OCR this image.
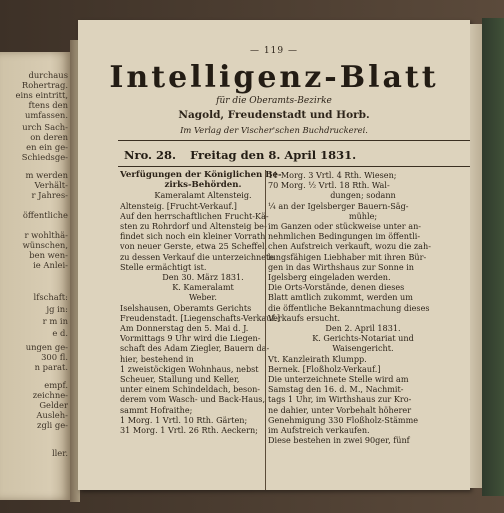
durchaus
Rohertrag.
eins eintritt,
ftens den
umfassen.
urch Sach-
on deren
en ein ge-
Schiedsge-
m werden
Verhält-
r Jahres-
öffentliche
r wohlthä-
wünschen,
ben wen-
ie Anlei-
lfschaft:
jg in:
r m in
e d.
ungen ge-
300 fl.
n parat.
empf.
zeichne-
Gelder
Ausleh-
zgli ge-
ller.
— 119 —
Intelligenz-Blatt
für die Oberamts-Bezirke
Nagold, Freudenstadt und Horb.
Im Verlag der Vischer'schen Buchdruckerei.
Nro. 28. Freitag den 8. April 1831.
Verfügungen der Königlichen Be-
zirks-Behörden.
Kameralamt Altensteig.
Altensteig. [Frucht-Verkauf.]
Auf den herrschaftlichen Frucht-Kä-
sten zu Rohrdorf und Altensteig be-
findet sich noch ein kleiner Vorrath
von neuer Gerste, etwa 25 Scheffel,
zu dessen Verkauf die unterzeichnete
Stelle ermächtigt ist.
Den 30. März 1831.
K. Kameralamt
Weber.
Iselshausen, Oberamts Gerichts
Freudenstadt. [Liegenschafts-Verkauf.]
Am Donnerstag den 5. Mai d. J.
Vormittags 9 Uhr wird die Liegen-
schaft des Adam Ziegler, Bauern da-
hier, bestehend in
1 zweistöckigen Wohnhaus, nebst
Scheuer, Stallung und Keller,
unter einem Schindeldach, beson-
derem vom Wasch- und Back-Haus,
sammt Hofraithe;
1 Morg. 1 Vrtl. 10 Rth. Gärten;
31 Morg. 1 Vrtl. 26 Rth. Aeckern;
11 Morg. 3 Vrtl. 4 Rth. Wiesen;
70 Morg. ½ Vrtl. 18 Rth. Wal-
dungen; sodann
¼ an der Igelsberger Bauern-Säg-
mühle;
im Ganzen oder stückweise unter an-
nehmlichen Bedingungen im öffentli-
chen Aufstreich verkauft, wozu die zah-
lungsfähigen Liebhaber mit ihren Bür-
gen in das Wirthshaus zur Sonne in
Igelsberg eingeladen werden.
Die Orts-Vorstände, denen dieses
Blatt amtlich zukommt, werden um
die öffentliche Bekanntmachung dieses
Verkaufs ersucht.
Den 2. April 1831.
K. Gerichts-Notariat und
Waisengericht.
Vt. Kanzleirath Klumpp.
Bernek. [Floßholz-Verkauf.]
Die unterzeichnete Stelle wird am
Samstag den 16. d. M., Nachmit-
tags 1 Uhr, im Wirthshaus zur Kro-
ne dahier, unter Vorbehalt höherer
Genehmigung 330 Floßholz-Stämme
im Aufstreich verkaufen.
Diese bestehen in zwei 90ger, fünf
